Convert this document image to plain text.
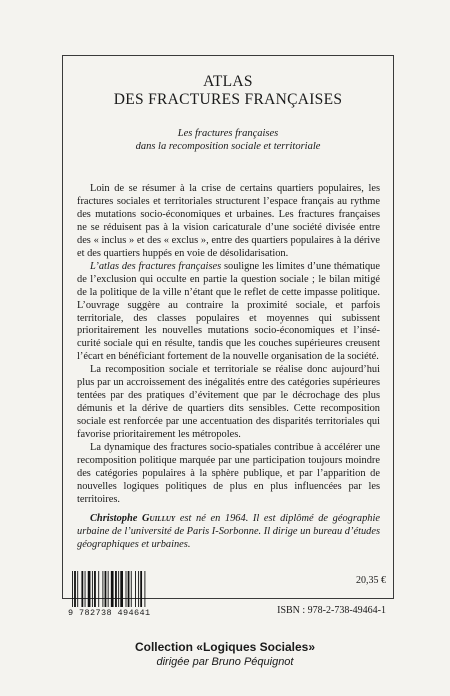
ATLAS
DES FRACTURES FRANÇAISES
Les fractures françaises
dans la recomposition sociale et territoriale

Loin de se résumer à la crise de certains quartiers populaires, les fractures sociales et territoriales structurent l’espace français au rythme des mutations socio-économiques et urbaines. Les fractures françaises ne se réduisent pas à la vision caricaturale d’une société divisée entre des « inclus » et des « exclus », entre des quartiers populaires à la dérive et des quartiers huppés en voie de désolidarisation.

L’atlas des fractures françaises souligne les limites d’une thématique de l’exclusion qui occulte en partie la question sociale ; le bilan mitigé de la politique de la ville n’étant que le reflet de cette impasse politique. L’ouvrage suggère au contraire la proximité sociale, et parfois territoriale, des classes populaires et moyennes qui subissent prioritairement les nouvelles mutations socio-économiques et l’insécurité sociale qui en résulte, tandis que les couches supérieures creusent l’écart en bénéficiant fortement de la nouvelle organisation de la société.

La recomposition sociale et territoriale se réalise donc aujourd’hui plus par un accroissement des inégalités entre des catégories supérieures tentées par des pratiques d’évitement que par le décrochage des plus démunis et la dérive de quartiers dits sensibles. Cette recomposition sociale est renforcée par une accentuation des disparités territoriales qui favorise prioritairement les métropoles.

La dynamique des fractures socio-spatiales contribue à accélérer une recomposition politique marquée par une participation toujours moindre des catégories populaires à la sphère publique, et par l’apparition de nouvelles logiques politiques de plus en plus influencées par les territoires.

Christophe Guilluy est né en 1964. Il est diplômé de géographie urbaine de l’université de Paris I-Sorbonne. Il dirige un bureau d’études géographiques et urbaines.
9 782738 494641
20,35 €
ISBN : 978-2-738-49464-1
Collection «Logiques Sociales»
dirigée par Bruno Péquignot
